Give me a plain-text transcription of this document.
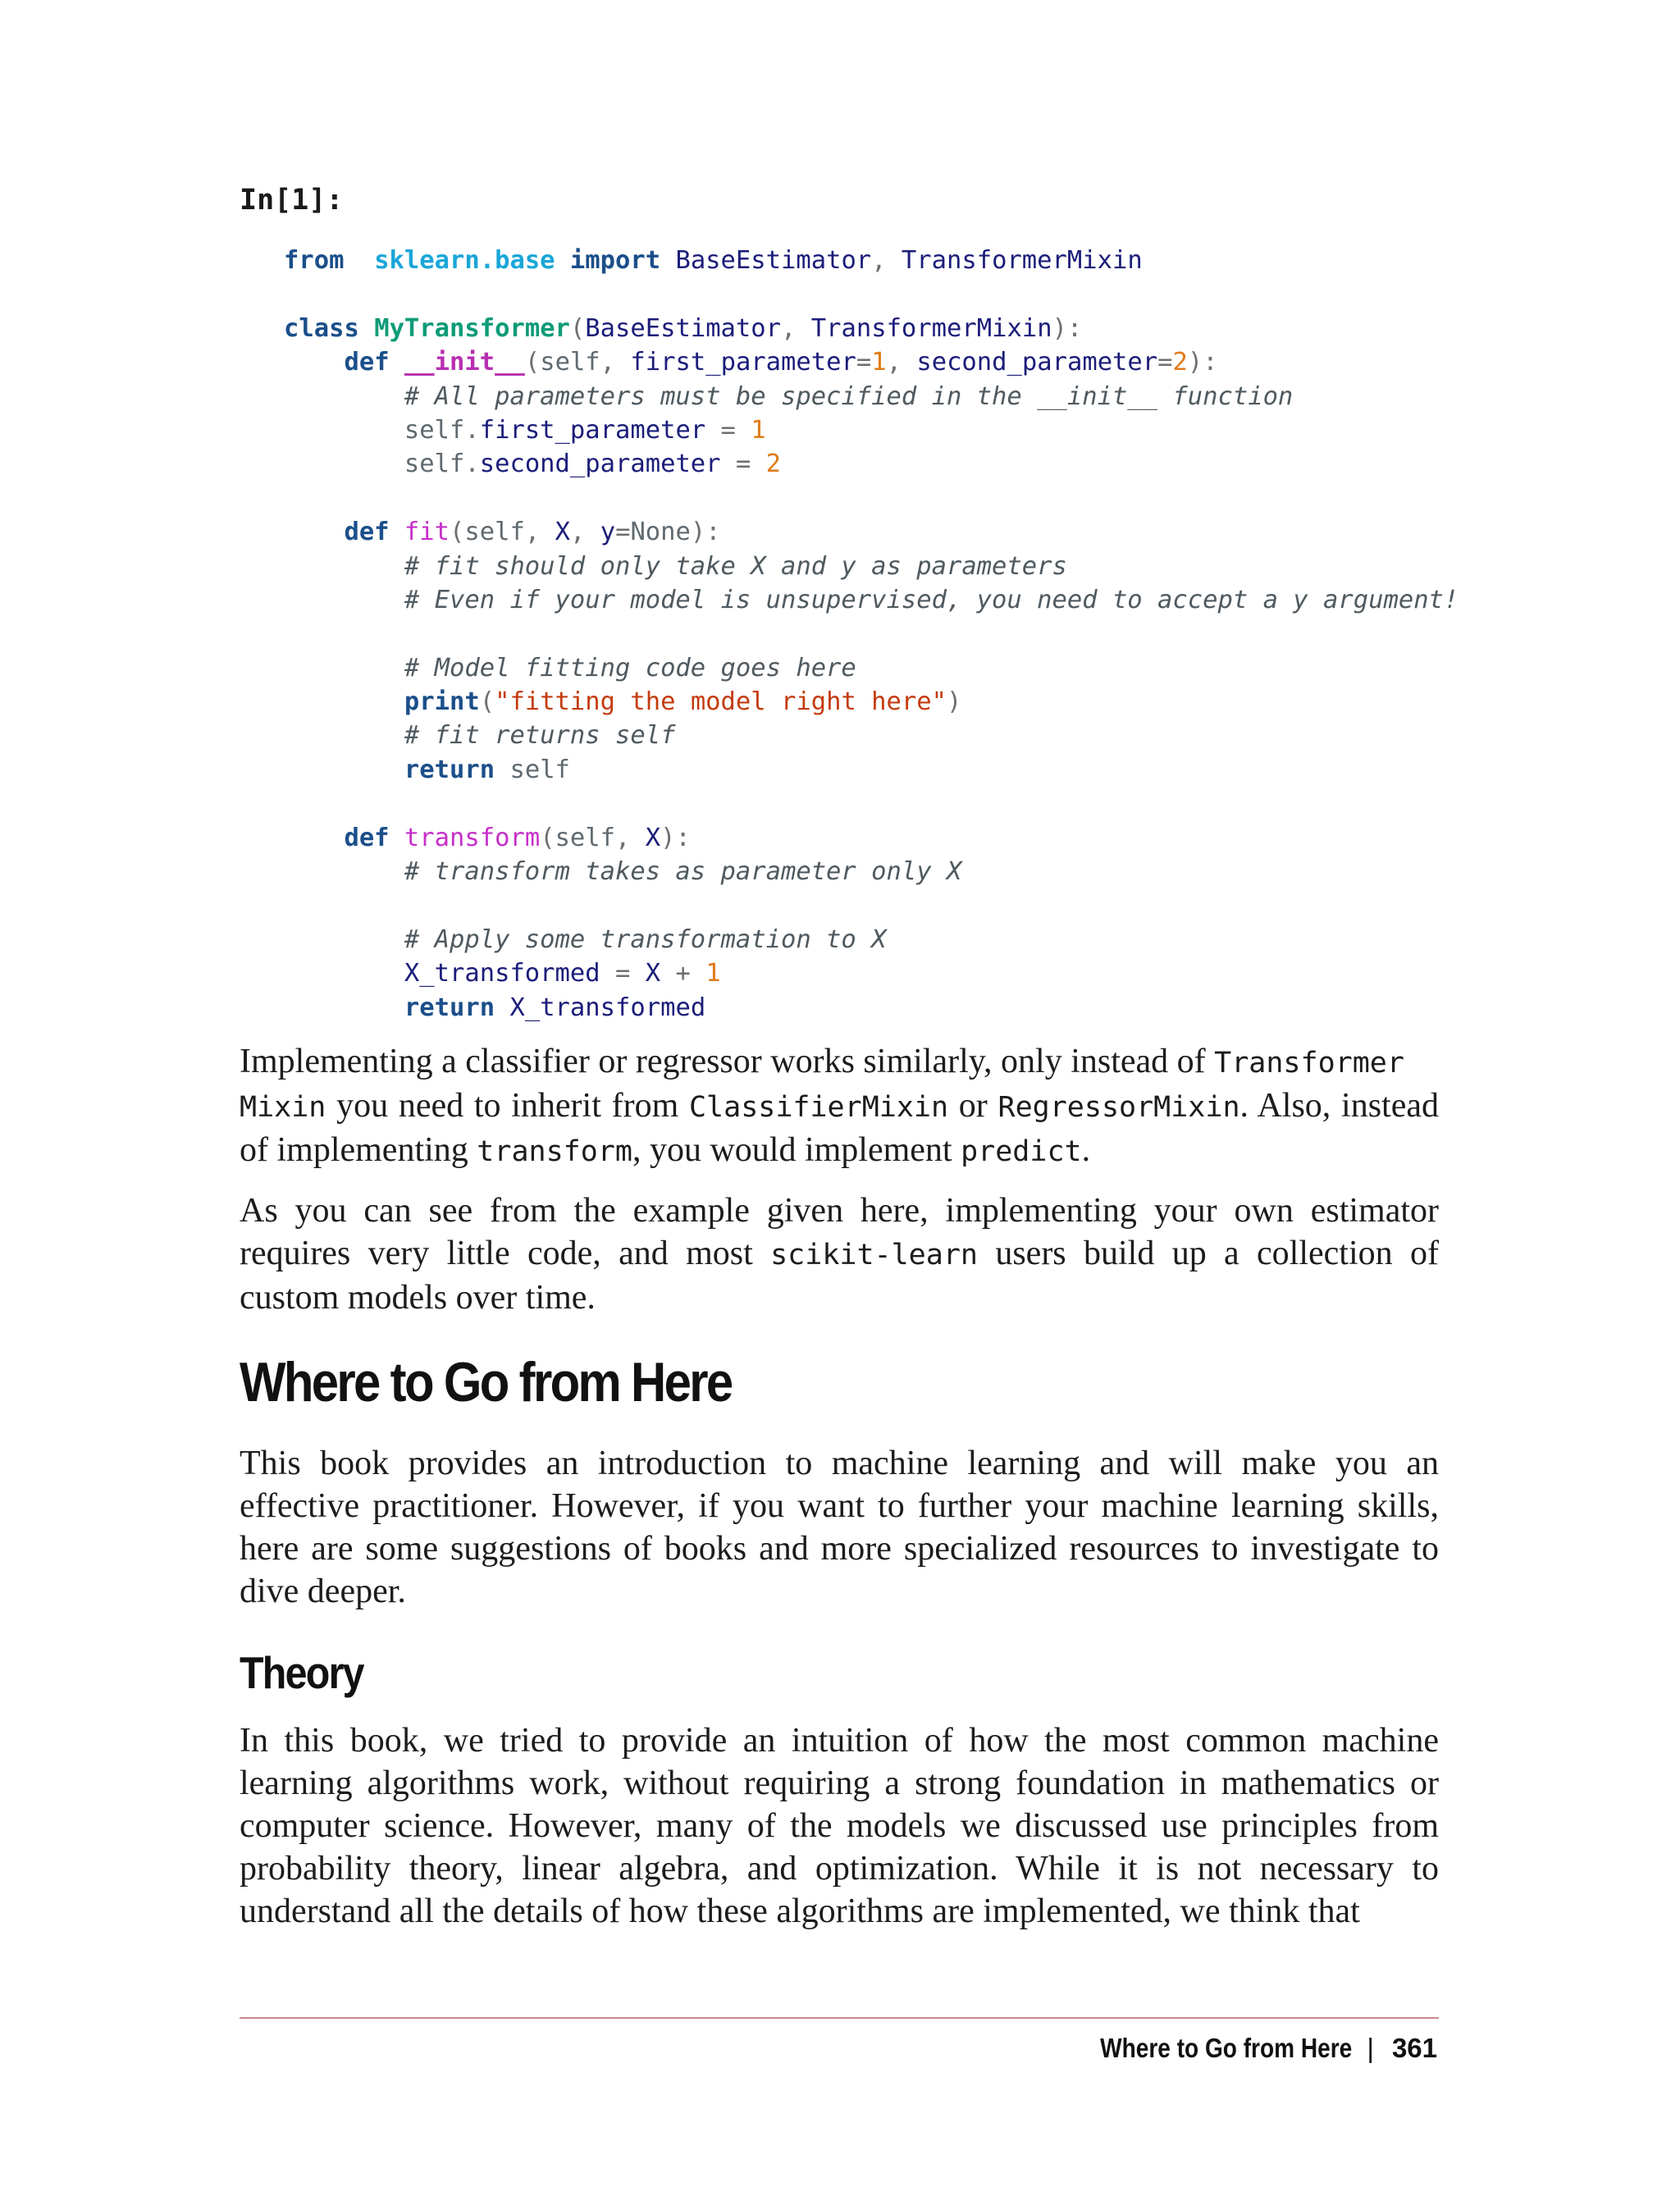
In[1]:
from sklearn.base import BaseEstimator, TransformerMixin

class MyTransformer(BaseEstimator, TransformerMixin):
def __init__(self, first_parameter=1, second_parameter=2):
# All parameters must be specified in the __init__ function
self.first_parameter = 1
self.second_parameter = 2

def fit(self, X, y=None):
# fit should only take X and y as parameters
# Even if your model is unsupervised, you need to accept a y argument!

# Model fitting code goes here
print("fitting the model right here")
# fit returns self
return self

def transform(self, X):
# transform takes as parameter only X

# Apply some transformation to X
X_transformed = X + 1
return X_transformed

Implementing a classifier or regressor works similarly, only instead of Transformer
Mixin you need to inherit from ClassifierMixin or RegressorMixin. Also, instead of implementing transform, you would implement predict.

As you can see from the example given here, implementing your own estimator requires very little code, and most scikit-learn users build up a collection of custom models over time.

Where to Go from Here

This book provides an introduction to machine learning and will make you an effective practitioner. However, if you want to further your machine learning skills, here are some suggestions of books and more specialized resources to investigate to dive deeper.

Theory

In this book, we tried to provide an intuition of how the most common machine learning algorithms work, without requiring a strong foundation in mathematics or computer science. However, many of the models we discussed use principles from probability theory, linear algebra, and optimization. While it is not necessary to understand all the details of how these algorithms are implemented, we think that

Where to Go from Here | 361
